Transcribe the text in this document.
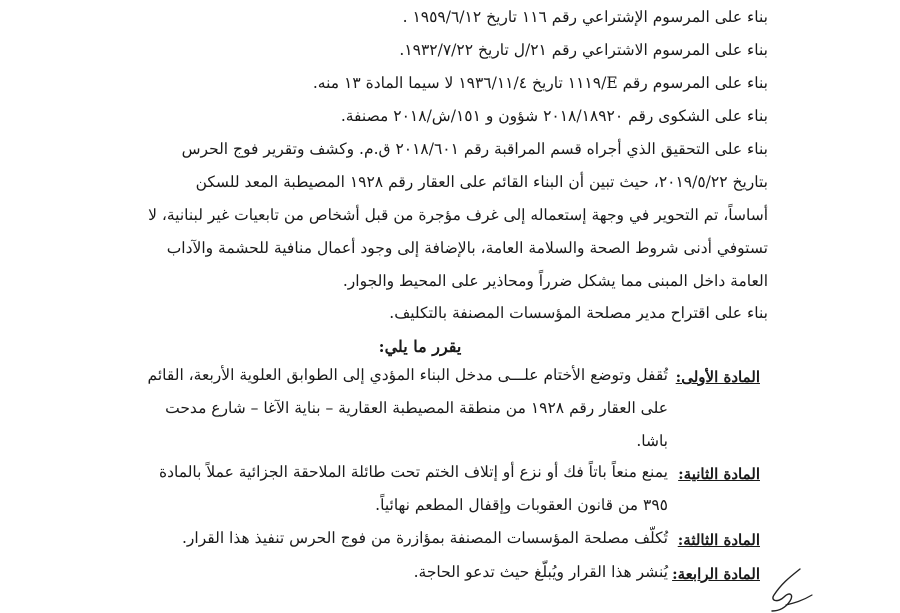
بناء على المرسوم الإشتراعي رقم ١١٦ تاريخ ١٩٥٩/٦/١٢ .
بناء على المرسوم الاشتراعي رقم ٢١/ل تاريخ ١٩٣٢/٧/٢٢.
بناء على المرسوم رقم E/١١١٩ تاريخ ١٩٣٦/١١/٤ لا سيما المادة ١٣ منه.
بناء على الشكوى رقم ٢٠١٨/١٨٩٢٠ شؤون و ١٥١/ش/٢٠١٨ مصنفة.
بناء على التحقيق الذي أجراه قسم المراقبة رقم ٢٠١٨/٦٠١ ق.م. وكشف وتقرير فوج الحرس
بتاريخ ٢٠١٩/٥/٢٢، حيث تبين أن البناء القائم على العقار رقم ١٩٢٨ المصيطبة المعد للسكن
أساساً، تم التحوير في وجهة إستعماله إلى غرف مؤجرة من قبل أشخاص من تابعيات غير لبنانية، لا
تستوفي أدنى شروط الصحة والسلامة العامة، بالإضافة إلى وجود أعمال منافية للحشمة والآداب
العامة داخل المبنى مما يشكل ضرراً ومحاذير على المحيط والجوار.
بناء على اقتراح مدير مصلحة المؤسسات المصنفة بالتكليف.
يقرر ما يلي:
المادة الأولى:
تُقفل وتوضع الأختام علـــى مدخل البناء المؤدي إلى الطوابق العلوية الأربعة، القائم
على العقار رقم ١٩٢٨ من منطقة المصيطبة العقارية – بناية الآغا – شارع مدحت
باشا.
المادة الثانية:
يمنع منعاً باتاً فك أو نزع أو إتلاف الختم تحت طائلة الملاحقة الجزائية عملاً بالمادة
٣٩٥ من قانون العقوبات وإقفال المطعم نهائياً.
المادة الثالثة:
تُكلّف مصلحة المؤسسات المصنفة بمؤازرة من فوج الحرس تنفيذ هذا القرار.
المادة الرابعة:
يُنشر هذا القرار ويُبلّغ حيث تدعو الحاجة.
